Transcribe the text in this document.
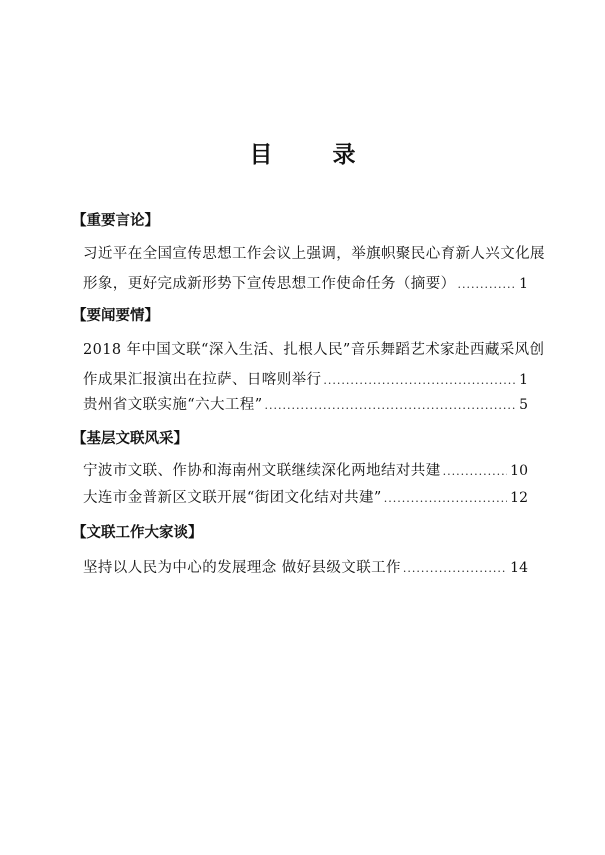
目 录
【重要言论】
习近平在全国宣传思想工作会议上强调，举旗帜聚民心育新人兴文化展
形象，更好完成新形势下宣传思想工作使命任务（摘要） .....	1
【要闻要情】
2018 年中国文联“深入生活、扎根人民”音乐舞蹈艺术家赴西藏采风创
作成果汇报演出在拉萨、日喀则举行 .....	1
贵州省文联实施“六大工程” .....	5
【基层文联风采】
宁波市文联、作协和海南州文联继续深化两地结对共建 .....	10
大连市金普新区文联开展“街团文化结对共建” .....	12
【文联工作大家谈】
坚持以人民为中心的发展理念 做好县级文联工作 .....	14
